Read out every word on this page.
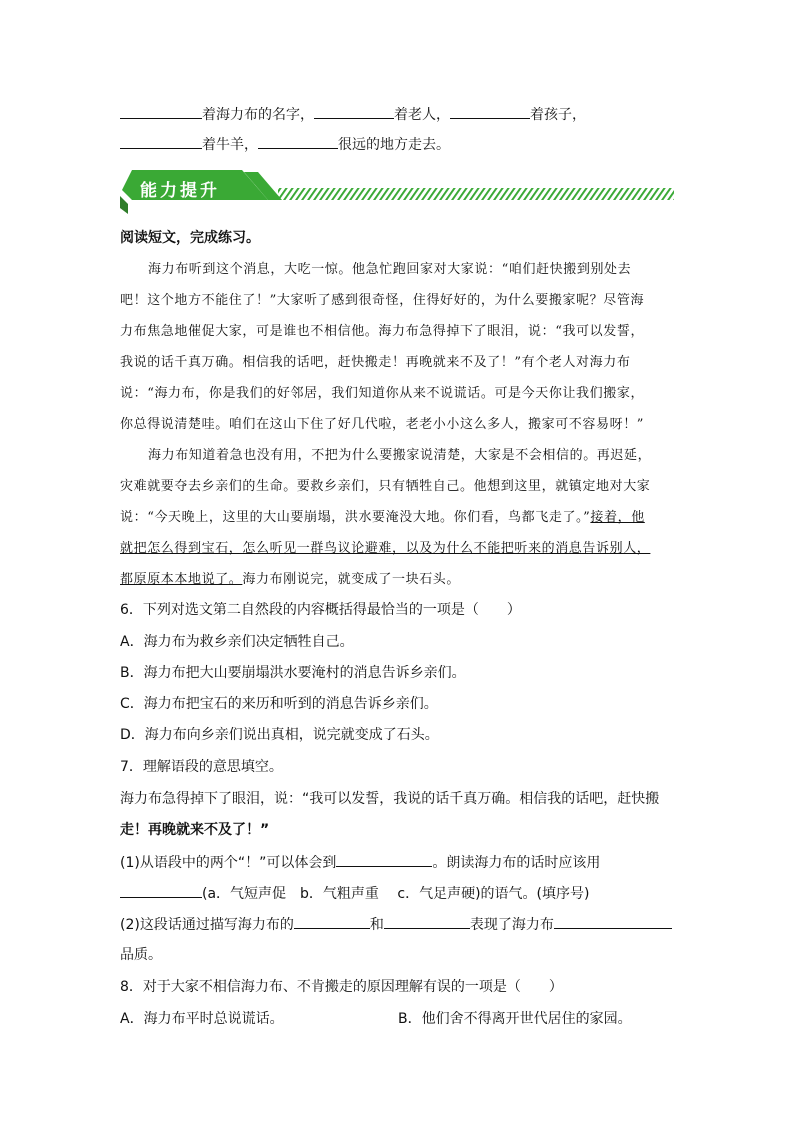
着海力布的名字，	着老人，	着孩子，
着牛羊，	很远的地方走去。
能力提升
阅读短文，完成练习。
海力布听到这个消息，大吃一惊。他急忙跑回家对大家说：“咱们赶快搬到别处去
吧！这个地方不能住了！”大家听了感到很奇怪，住得好好的，为什么要搬家呢？尽管海
力布焦急地催促大家，可是谁也不相信他。海力布急得掉下了眼泪，说：“我可以发誓，
我说的话千真万确。相信我的话吧，赶快搬走！再晚就来不及了！”有个老人对海力布
说：“海力布，你是我们的好邻居，我们知道你从来不说谎话。可是今天你让我们搬家，
你总得说清楚哇。咱们在这山下住了好几代啦，老老小小这么多人，搬家可不容易呀！”
海力布知道着急也没有用，不把为什么要搬家说清楚，大家是不会相信的。再迟延，
灾难就要夺去乡亲们的生命。要救乡亲们，只有牺牲自己。他想到这里，就镇定地对大家
说：“今天晚上，这里的大山要崩塌，洪水要淹没大地。你们看，鸟都飞走了。”接着，他
就把怎么得到宝石，怎么听见一群鸟议论避难，以及为什么不能把听来的消息告诉别人，
都原原本本地说了。海力布刚说完，就变成了一块石头。
6．下列对选文第二自然段的内容概括得最恰当的一项是（　　）
A．海力布为救乡亲们决定牺牲自己。
B．海力布把大山要崩塌洪水要淹村的消息告诉乡亲们。
C．海力布把宝石的来历和听到的消息告诉乡亲们。
D．海力布向乡亲们说出真相，说完就变成了石头。
7．理解语段的意思填空。
海力布急得掉下了眼泪，说：“我可以发誓，我说的话千真万确。相信我的话吧，赶快搬
走！再晚就来不及了！”
(1)从语段中的两个“！”可以体会到	。朗读海力布的话时应该用
(a．气短声促　b．气粗声重　 c．气足声硬)的语气。(填序号)
(2)这段话通过描写海力布的	和	表现了海力布
品质。
8．对于大家不相信海力布、不肯搬走的原因理解有误的一项是（　　）
A．海力布平时总说谎话。	B．他们舍不得离开世代居住的家园。
